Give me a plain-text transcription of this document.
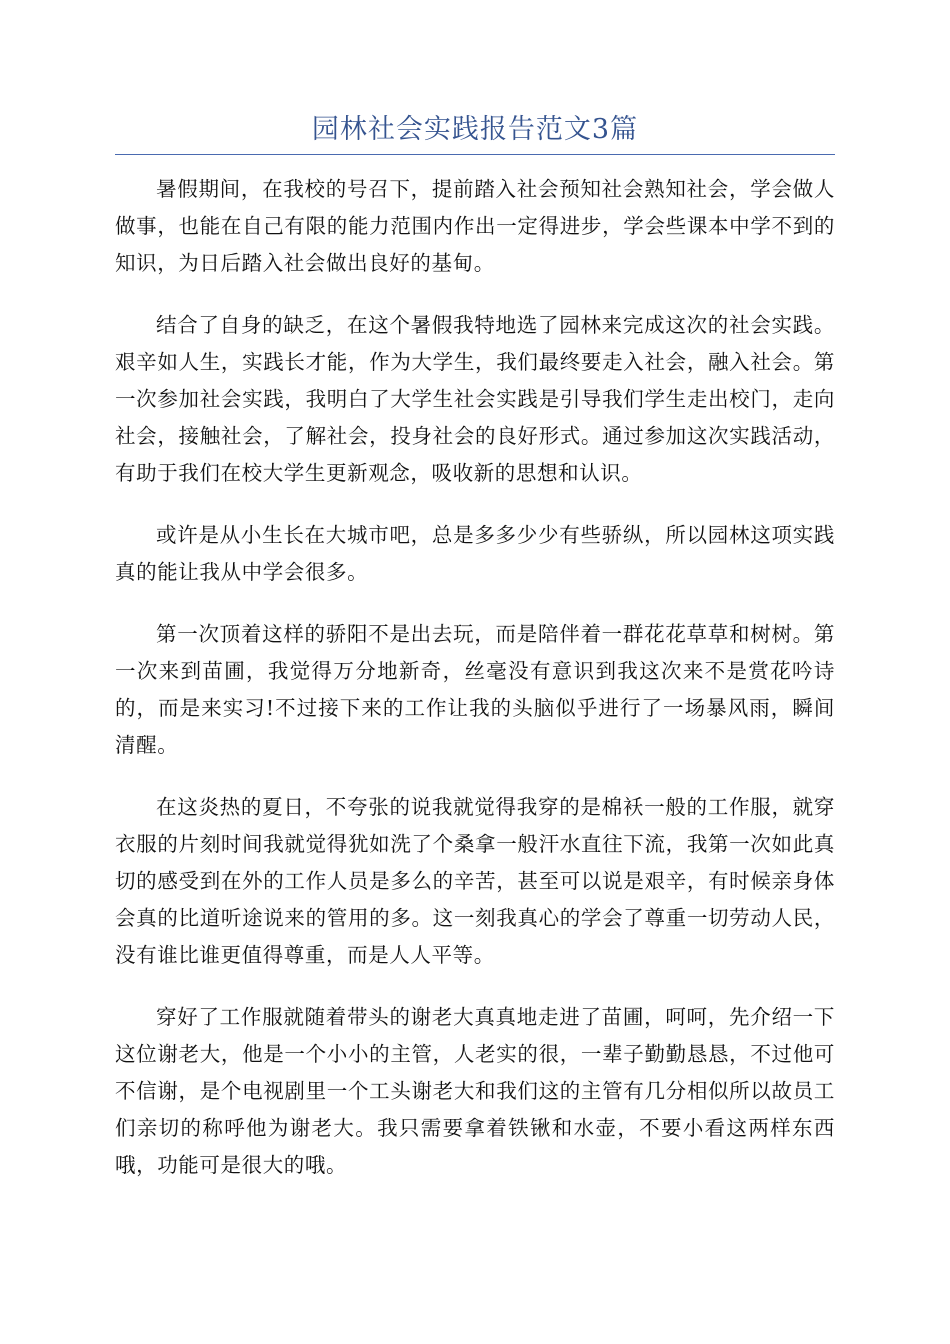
园林社会实践报告范文3篇

暑假期间，在我校的号召下，提前踏入社会预知社会熟知社会，学会做人做事，也能在自己有限的能力范围内作出一定得进步，学会些课本中学不到的知识，为日后踏入社会做出良好的基甸。

结合了自身的缺乏，在这个暑假我特地选了园林来完成这次的社会实践。艰辛如人生，实践长才能，作为大学生，我们最终要走入社会，融入社会。第一次参加社会实践，我明白了大学生社会实践是引导我们学生走出校门，走向社会，接触社会，了解社会，投身社会的良好形式。通过参加这次实践活动，有助于我们在校大学生更新观念，吸收新的思想和认识。

或许是从小生长在大城市吧，总是多多少少有些骄纵，所以园林这项实践真的能让我从中学会很多。

第一次顶着这样的骄阳不是出去玩，而是陪伴着一群花花草草和树树。第一次来到苗圃，我觉得万分地新奇，丝毫没有意识到我这次来不是赏花吟诗的，而是来实习!不过接下来的工作让我的头脑似乎进行了一场暴风雨，瞬间清醒。

在这炎热的夏日，不夸张的说我就觉得我穿的是棉袄一般的工作服，就穿衣服的片刻时间我就觉得犹如洗了个桑拿一般汗水直往下流，我第一次如此真切的感受到在外的工作人员是多么的辛苦，甚至可以说是艰辛，有时候亲身体会真的比道听途说来的管用的多。这一刻我真心的学会了尊重一切劳动人民，没有谁比谁更值得尊重，而是人人平等。

穿好了工作服就随着带头的谢老大真真地走进了苗圃，呵呵，先介绍一下这位谢老大，他是一个小小的主管，人老实的很，一辈子勤勤恳恳，不过他可不信谢，是个电视剧里一个工头谢老大和我们这的主管有几分相似所以故员工们亲切的称呼他为谢老大。我只需要拿着铁锹和水壶，不要小看这两样东西哦，功能可是很大的哦。
